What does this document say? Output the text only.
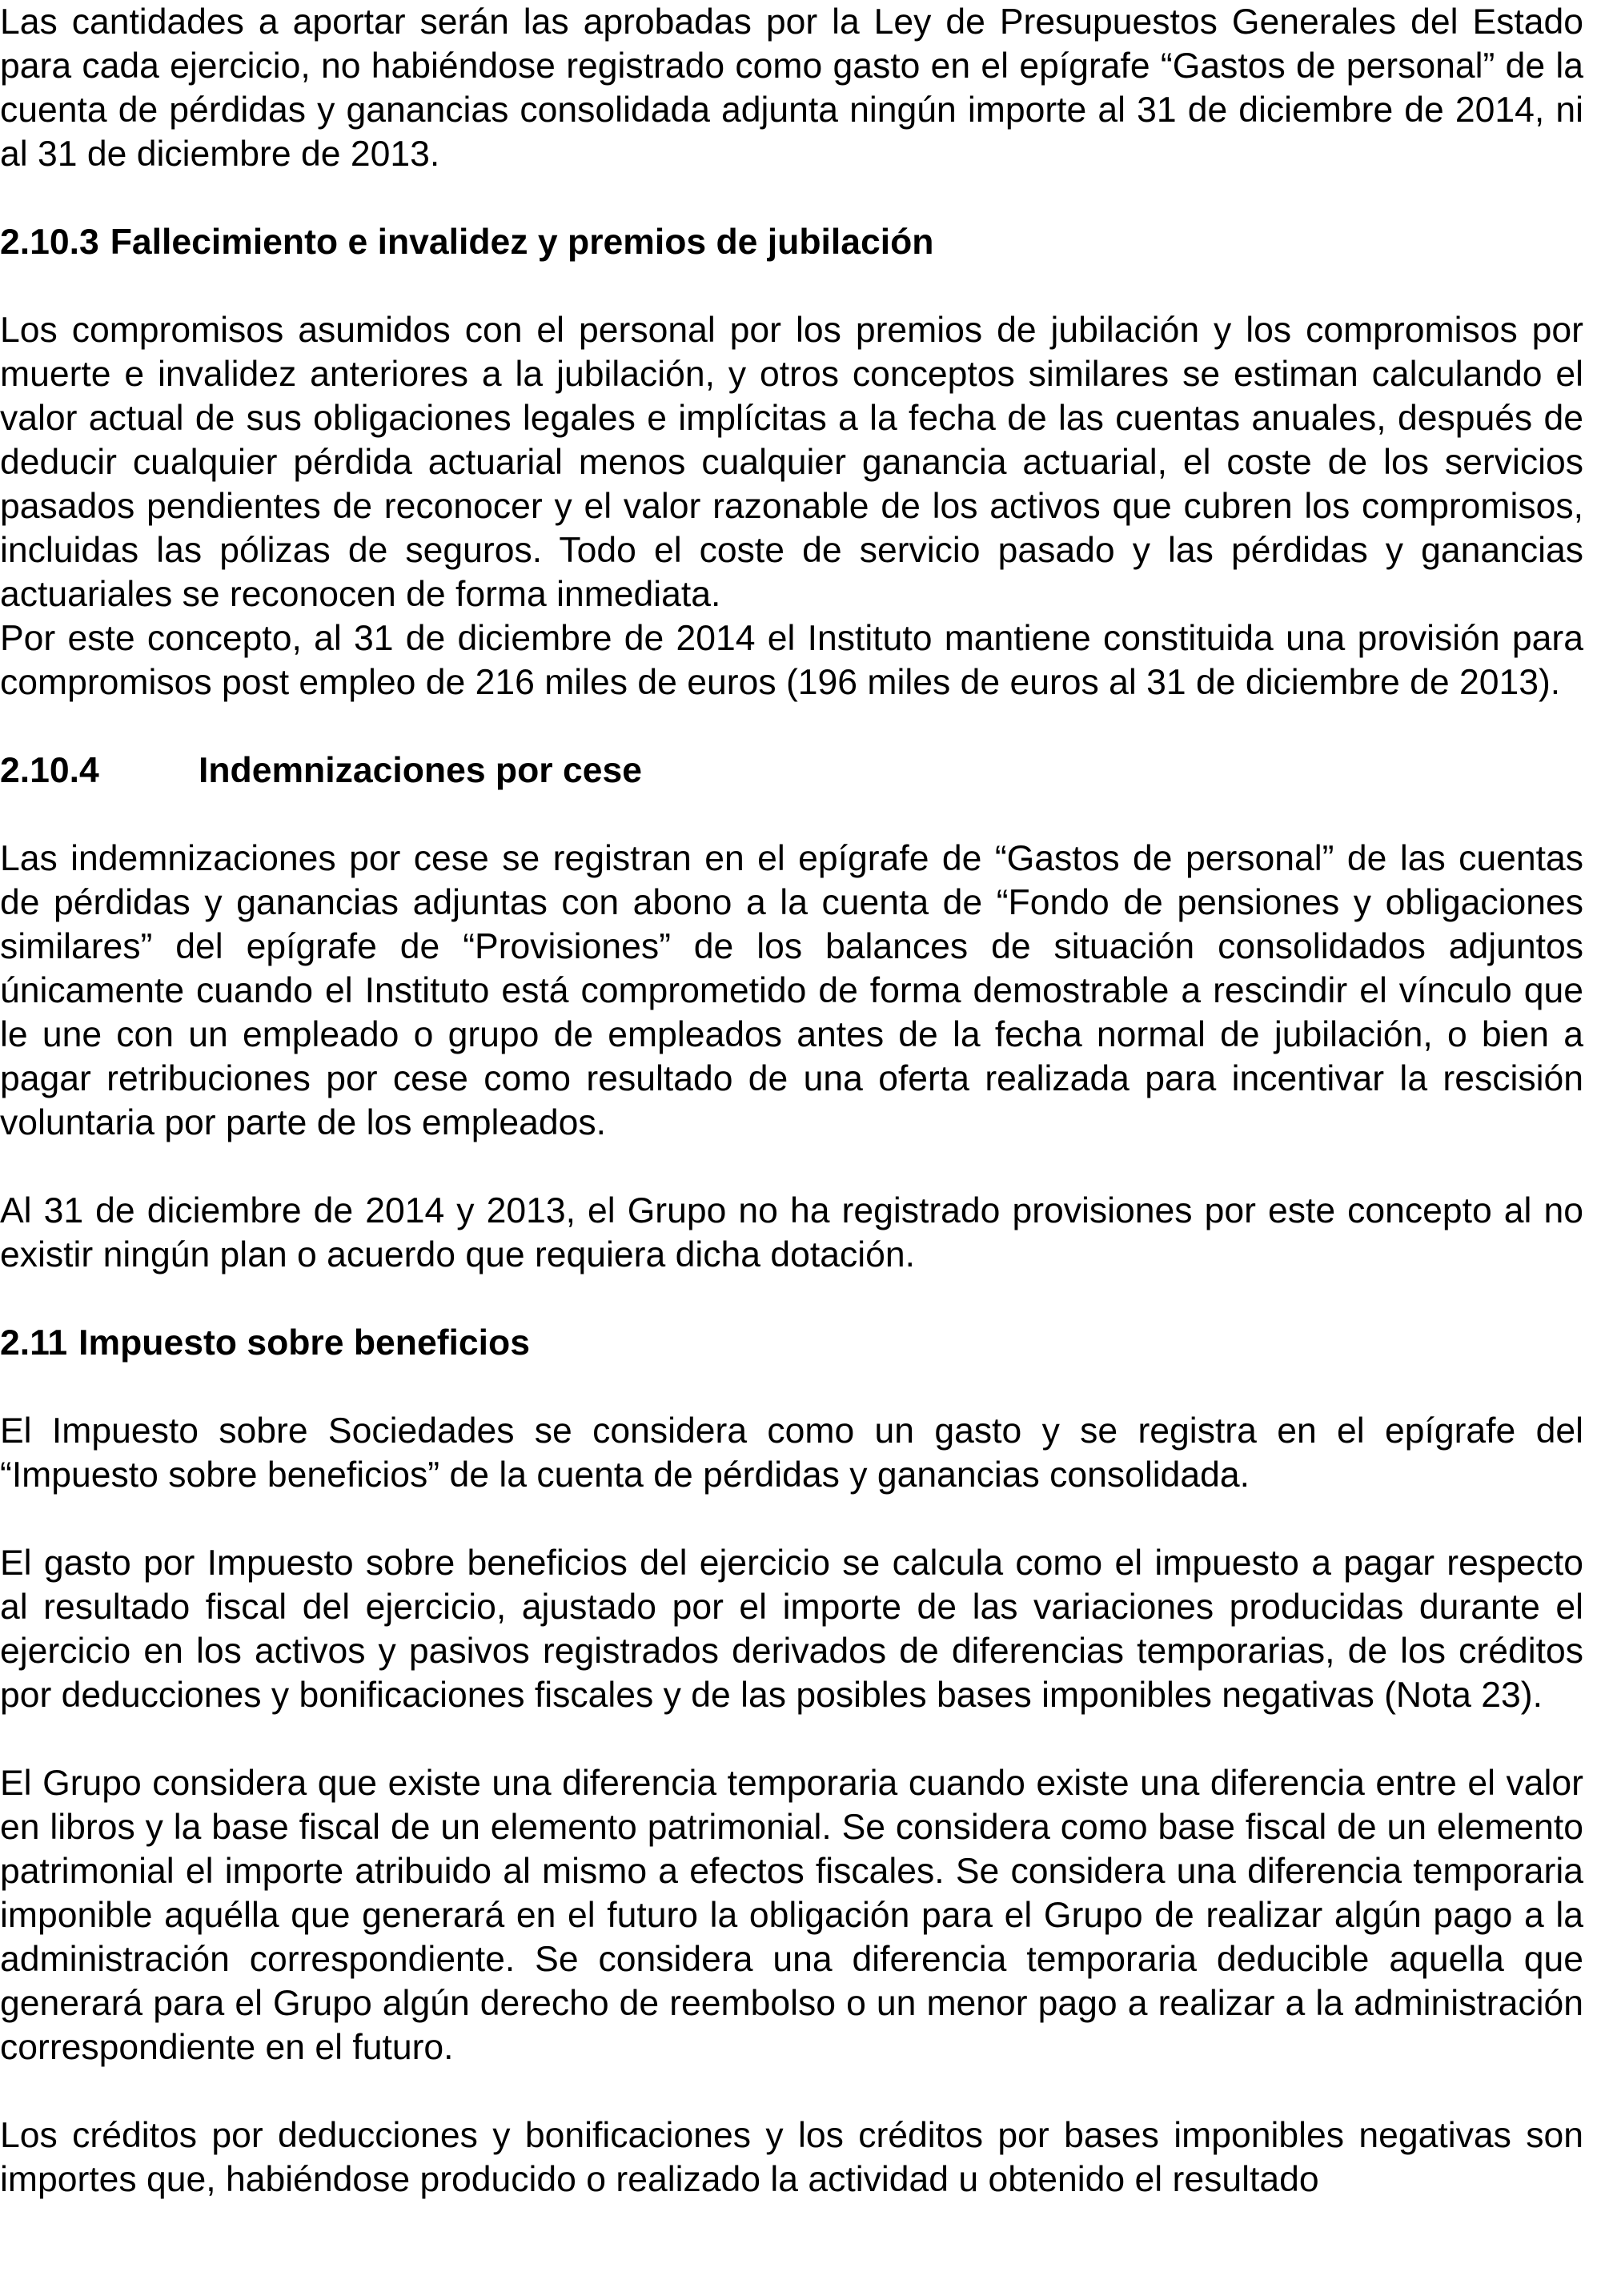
Las cantidades a aportar serán las aprobadas por la Ley de Presupuestos Generales del Estado para cada ejercicio, no habiéndose registrado como gasto en el epígrafe “Gastos de personal” de la cuenta de pérdidas y ganancias consolidada adjunta ningún importe al 31 de diciembre de 2014, ni al 31 de diciembre de 2013.

2.10.3 Fallecimiento e invalidez y premios de jubilación

Los compromisos asumidos con el personal por los premios de jubilación y los compromisos por muerte e invalidez anteriores a la jubilación, y otros conceptos similares se estiman calculando el valor actual de sus obligaciones legales e implícitas a la fecha de las cuentas anuales, después de deducir cualquier pérdida actuarial menos cualquier ganancia actuarial, el coste de los servicios pasados pendientes de reconocer y el valor razonable de los activos que cubren los compromisos, incluidas las pólizas de seguros. Todo el coste de servicio pasado y las pérdidas y ganancias actuariales se reconocen de forma inmediata.

Por este concepto, al 31 de diciembre de 2014 el Instituto mantiene constituida una provisión para compromisos post empleo de 216 miles de euros (196 miles de euros al 31 de diciembre de 2013).

2.10.4	Indemnizaciones por cese

Las indemnizaciones por cese se registran en el epígrafe de “Gastos de personal” de las cuentas de pérdidas y ganancias adjuntas con abono a la cuenta de “Fondo de pensiones y obligaciones similares” del epígrafe de “Provisiones” de los balances de situación consolidados adjuntos únicamente cuando el Instituto está comprometido de forma demostrable a rescindir el vínculo que le une con un empleado o grupo de empleados antes de la fecha normal de jubilación, o bien a pagar retribuciones por cese como resultado de una oferta realizada para incentivar la rescisión voluntaria por parte de los empleados.

Al 31 de diciembre de 2014 y 2013, el Grupo no ha registrado provisiones por este concepto al no existir ningún plan o acuerdo que requiera dicha dotación.

2.11 Impuesto sobre beneficios

El Impuesto sobre Sociedades se considera como un gasto y se registra en el epígrafe del “Impuesto sobre beneficios” de la cuenta de pérdidas y ganancias consolidada.

El gasto por Impuesto sobre beneficios del ejercicio se calcula como el impuesto a pagar respecto al resultado fiscal del ejercicio, ajustado por el importe de las variaciones producidas durante el ejercicio en los activos y pasivos registrados derivados de diferencias temporarias, de los créditos por deducciones y bonificaciones fiscales y de las posibles bases imponibles negativas (Nota 23).

El Grupo considera que existe una diferencia temporaria cuando existe una diferencia entre el valor en libros y la base fiscal de un elemento patrimonial. Se considera como base fiscal de un elemento patrimonial el importe atribuido al mismo a efectos fiscales. Se considera una diferencia temporaria imponible aquélla que generará en el futuro la obligación para el Grupo de realizar algún pago a la administración correspondiente. Se considera una diferencia temporaria deducible aquella que generará para el Grupo algún derecho de reembolso o un menor pago a realizar a la administración correspondiente en el futuro.

Los créditos por deducciones y bonificaciones y los créditos por bases imponibles negativas son importes que, habiéndose producido o realizado la actividad u obtenido el resultado
